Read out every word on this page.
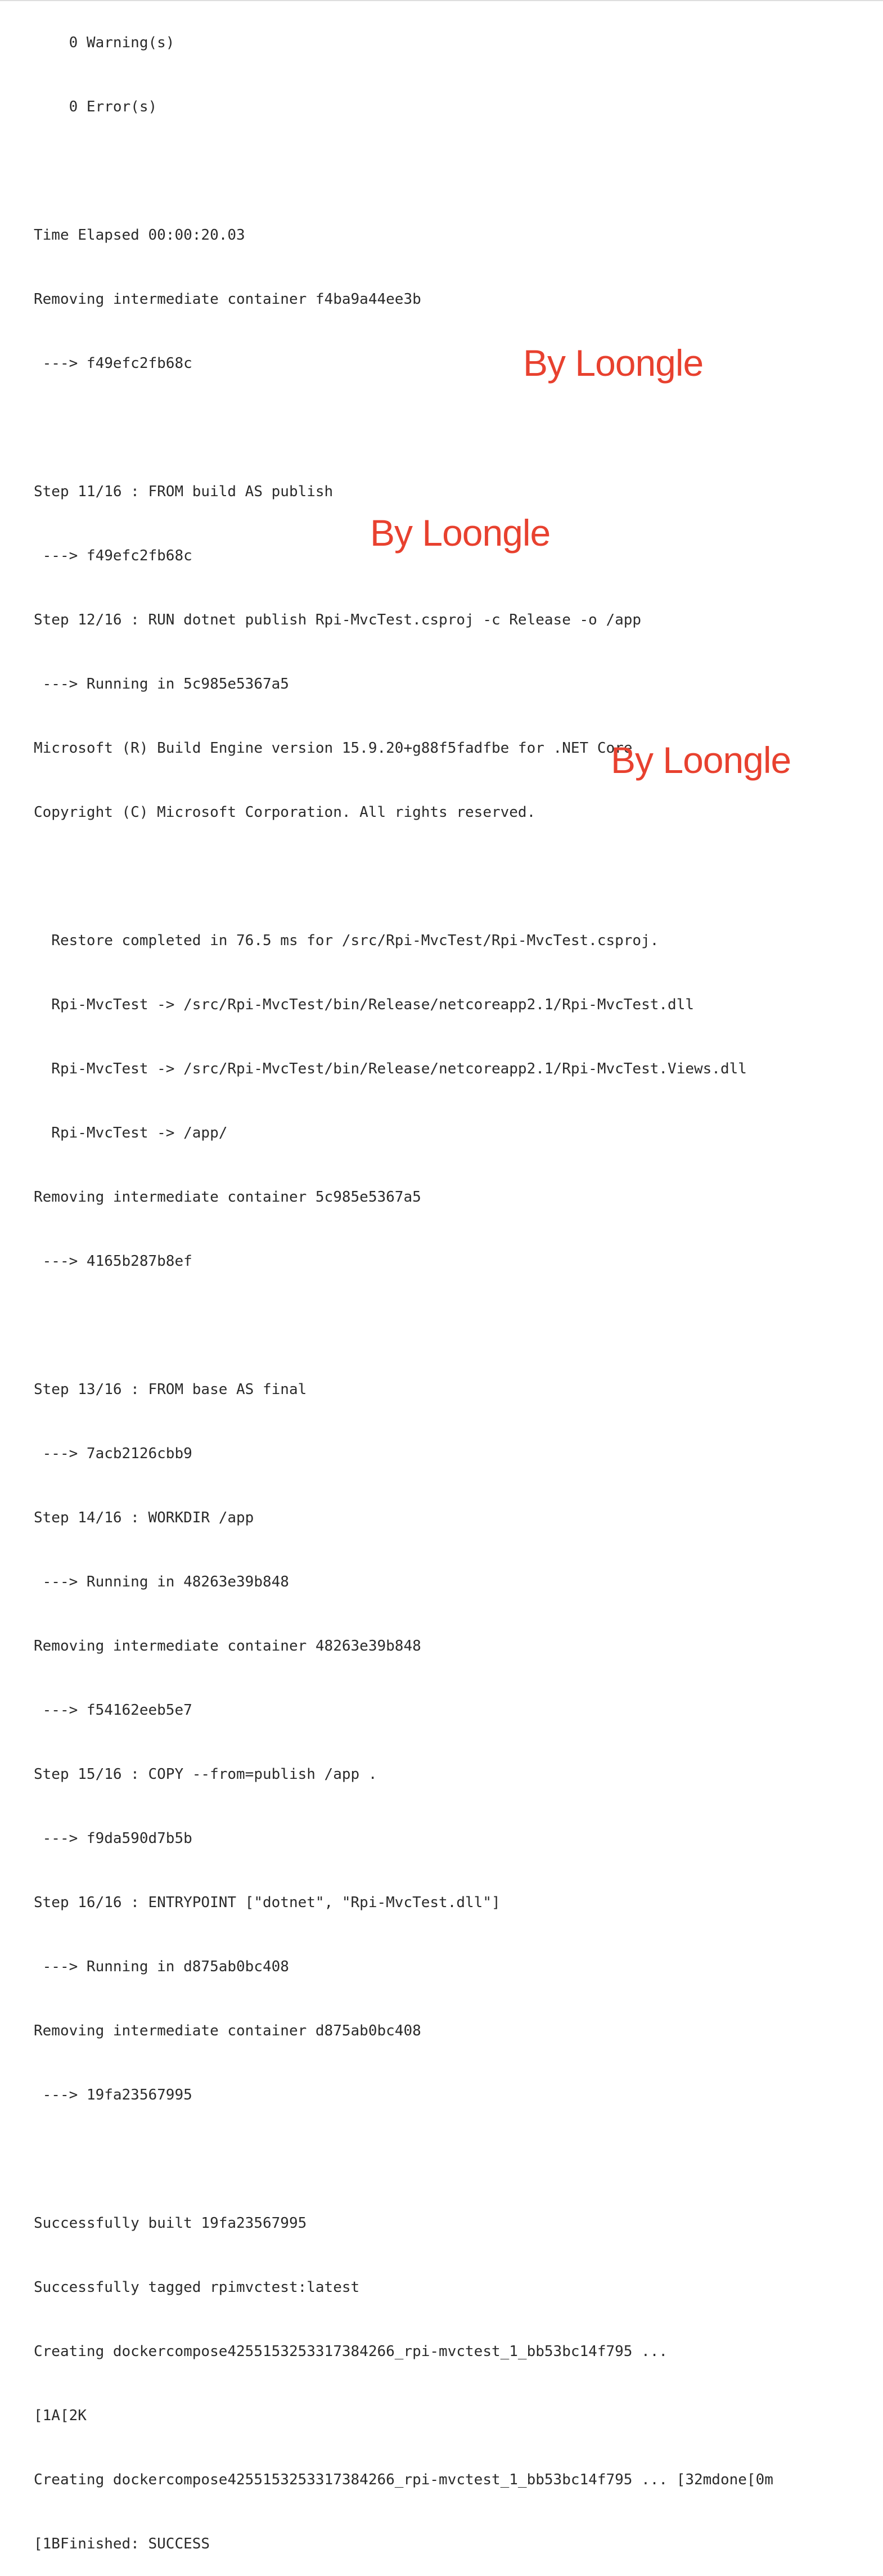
0 Warning(s)

0 Error(s)

Time Elapsed 00:00:20.03

Removing intermediate container f4ba9a44ee3b

---> f49efc2fb68c

Step 11/16 : FROM build AS publish

---> f49efc2fb68c

Step 12/16 : RUN dotnet publish Rpi-MvcTest.csproj -c Release -o /app

---> Running in 5c985e5367a5

Microsoft (R) Build Engine version 15.9.20+g88f5fadfbe for .NET Core

Copyright (C) Microsoft Corporation. All rights reserved.

Restore completed in 76.5 ms for /src/Rpi-MvcTest/Rpi-MvcTest.csproj.

Rpi-MvcTest -> /src/Rpi-MvcTest/bin/Release/netcoreapp2.1/Rpi-MvcTest.dll

Rpi-MvcTest -> /src/Rpi-MvcTest/bin/Release/netcoreapp2.1/Rpi-MvcTest.Views.dll

Rpi-MvcTest -> /app/

Removing intermediate container 5c985e5367a5

---> 4165b287b8ef

Step 13/16 : FROM base AS final

---> 7acb2126cbb9

Step 14/16 : WORKDIR /app

---> Running in 48263e39b848

Removing intermediate container 48263e39b848

---> f54162eeb5e7

Step 15/16 : COPY --from=publish /app .

---> f9da590d7b5b

Step 16/16 : ENTRYPOINT ["dotnet", "Rpi-MvcTest.dll"]

---> Running in d875ab0bc408

Removing intermediate container d875ab0bc408

---> 19fa23567995

Successfully built 19fa23567995

Successfully tagged rpimvctest:latest

Creating dockercompose4255153253317384266_rpi-mvctest_1_bb53bc14f795 ...

[1A[2K

Creating dockercompose4255153253317384266_rpi-mvctest_1_bb53bc14f795 ... [32mdone[0m

[1BFinished: SUCCESS

By Loongle
By Loongle
By Loongle
